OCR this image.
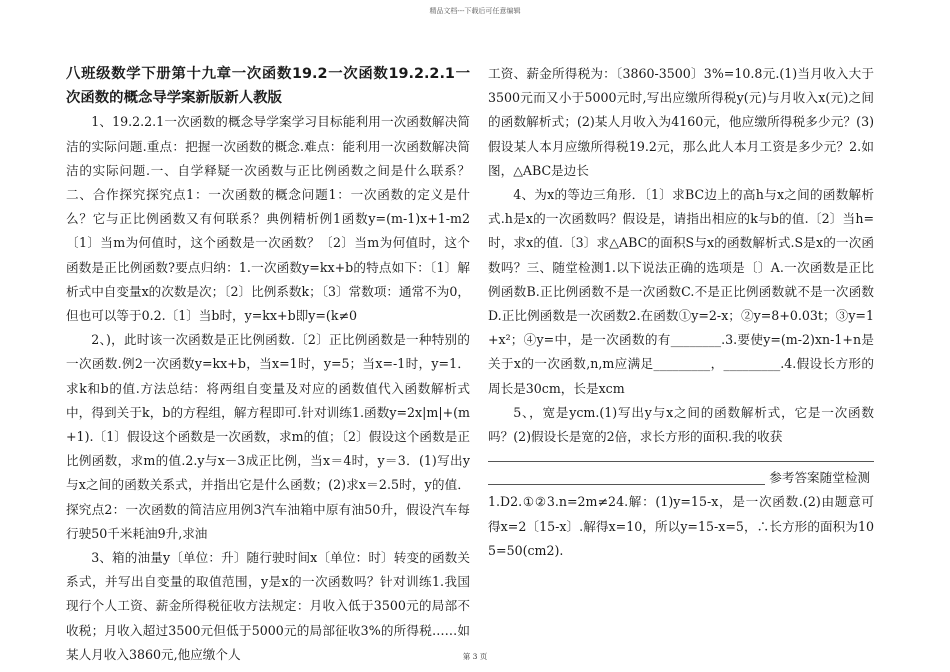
精品文档---下载后可任意编辑

八班级数学下册第十九章一次函数19.2一次函数19.2.2.1一次函数的概念导学案新版新人教版

1、19.2.2.1一次函数的概念导学案学习目标能利用一次函数解决简洁的实际问题.重点：把握一次函数的概念.难点：能利用一次函数解决简洁的实际问题.一、自学释疑一次函数与正比例函数之间是什么联系？二、合作探究探究点1：一次函数的概念问题1：一次函数的定义是什么？它与正比例函数又有何联系？典例精析例1函数y=(m-1)x+1-m2〔1〕当m为何值时，这个函数是一次函数？〔2〕当m为何值时，这个函数是正比例函数?要点归纳：1.一次函数y=kx+b的特点如下：〔1〕解析式中自变量x的次数是次；〔2〕比例系数k；〔3〕常数项：通常不为0，但也可以等于0.2.〔1〕当b时，y=kx+b即y=(k≠0

2、)，此时该一次函数是正比例函数.〔2〕正比例函数是一种特别的一次函数.例2一次函数y=kx+b，当x=1时，y=5；当x=-1时，y=1．求k和b的值.方法总结：将两组自变量及对应的函数值代入函数解析式中，得到关于k，b的方程组，解方程即可.针对训练1.函数y=2x|m|+(m+1).〔1〕假设这个函数是一次函数，求m的值；〔2〕假设这个函数是正比例函数，求m的值.2.y与x－3成正比例，当x＝4时，y＝3．(1)写出y与x之间的函数关系式，并指出它是什么函数；(2)求x＝2.5时，y的值．探究点2：一次函数的简洁应用例3汽车油箱中原有油50升，假设汽车每行驶50千米耗油9升,求油

3、箱的油量y〔单位：升〕随行驶时间x〔单位：时〕转变的函数关系式，并写出自变量的取值范围，y是x的一次函数吗？针对训练1.我国现行个人工资、薪金所得税征收方法规定：月收入低于3500元的局部不收税；月收入超过3500元但低于5000元的局部征收3%的所得税……如某人月收入3860元,他应缴个人

工资、薪金所得税为：〔3860-3500〕3%=10.8元.(1)当月收入大于3500元而又小于5000元时,写出应缴所得税y(元)与月收入x(元)之间的函数解析式；(2)某人月收入为4160元，他应缴所得税多少元？(3)假设某人本月应缴所得税19.2元，那么此人本月工资是多少元？2.如图，△ABC是边长

4、为x的等边三角形．〔1〕求BC边上的高h与x之间的函数解析式.h是x的一次函数吗？假设是，请指出相应的k与b的值.〔2〕当h=时，求x的值.〔3〕求△ABC的面积S与x的函数解析式.S是x的一次函数吗？三、随堂检测1.以下说法正确的选项是〔〕A.一次函数是正比例函数B.正比例函数不是一次函数C.不是正比例函数就不是一次函数D.正比例函数是一次函数2.在函数①y=2-x；②y=8+0.03t；③y=1+x²；④y=中，是一次函数的有________.3.要使y=(m-2)xn-1+n是关于x的一次函数,n,m应满足_________，_________.4.假设长方形的周长是30cm，长是xcm

5、，宽是ycm.(1)写出y与x之间的函数解析式，它是一次函数吗？(2)假设长是宽的2倍，求长方形的面积.我的收获

参考答案随堂检测

1.D2.①②3.n=2m≠24.解：(1)y=15-x，是一次函数.(2)由题意可得x=2〔15-x〕.解得x=10，所以y=15-x=5，∴长方形的面积为105=50(cm2).

第 3 页
